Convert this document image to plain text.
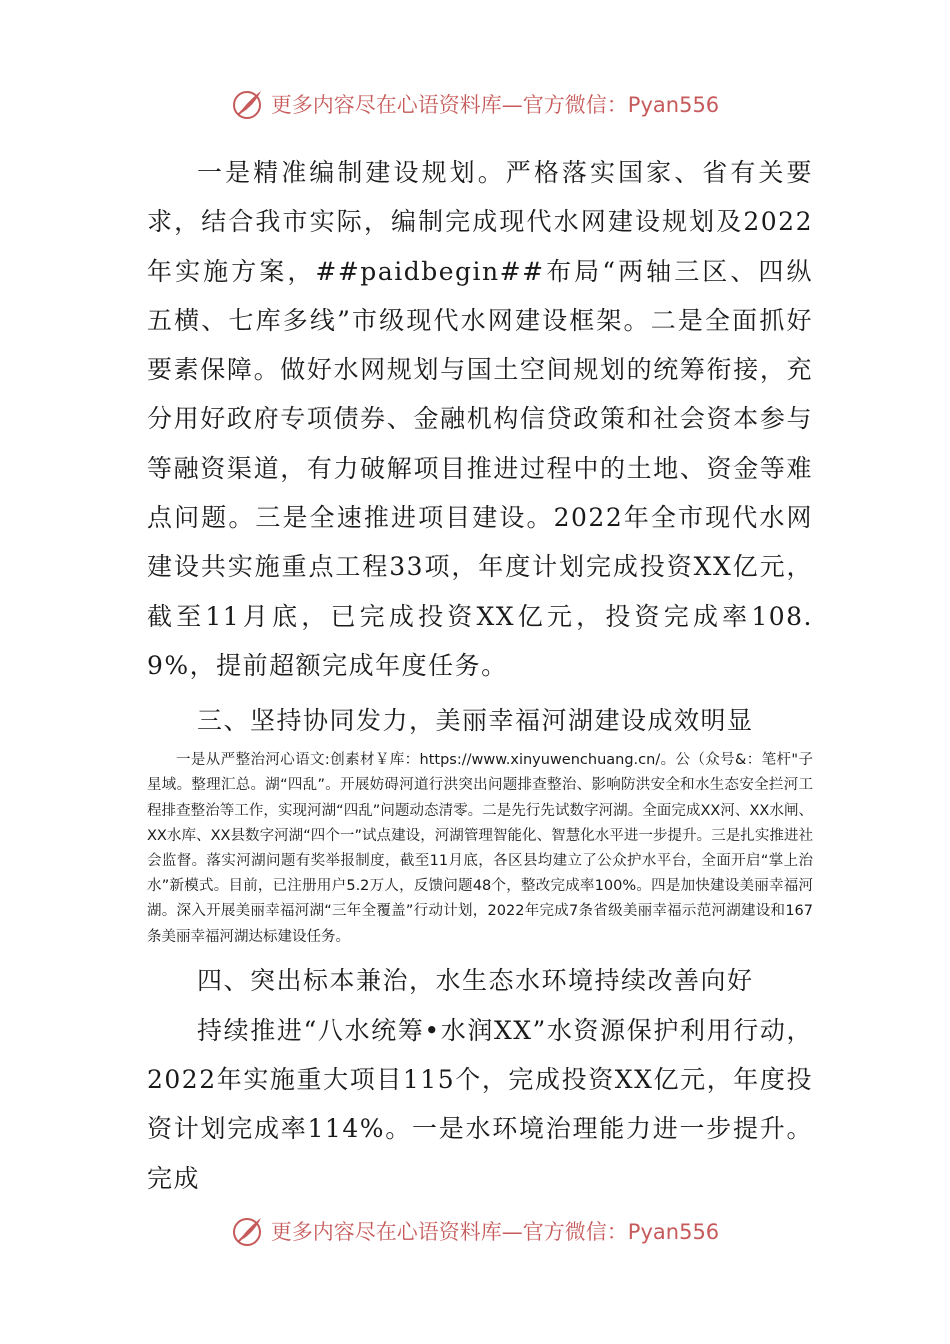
更多内容尽在心语资料库—官方微信：Pyan556

一是精准编制建设规划。严格落实国家、省有关要求，结合我市实际，编制完成现代水网建设规划及2022年实施方案，##paidbegin##布局“两轴三区、四纵五横、七库多线”市级现代水网建设框架。二是全面抓好要素保障。做好水网规划与国土空间规划的统筹衔接，充分用好政府专项债券、金融机构信贷政策和社会资本参与等融资渠道，有力破解项目推进过程中的土地、资金等难点问题。三是全速推进项目建设。2022年全市现代水网建设共实施重点工程33项，年度计划完成投资XX亿元，截至11月底，已完成投资XX亿元，投资完成率108.9%，提前超额完成年度任务。

三、坚持协同发力，美丽幸福河湖建设成效明显

一是从严整治河心语文:创素材￥库：https://www.xinyuwenchuang.cn/。公（众号&：笔杆"子星域。整理汇总。湖“四乱”。开展妨碍河道行洪突出问题排查整治、影响防洪安全和水生态安全拦河工程排查整治等工作，实现河湖“四乱”问题动态清零。二是先行先试数字河湖。全面完成XX河、XX水闸、XX水库、XX县数字河湖“四个一”试点建设，河湖管理智能化、智慧化水平进一步提升。三是扎实推进社会监督。落实河湖问题有奖举报制度，截至11月底，各区县均建立了公众护水平台，全面开启“掌上治水”新模式。目前，已注册用户5.2万人，反馈问题48个，整改完成率100%。四是加快建设美丽幸福河湖。深入开展美丽幸福河湖“三年全覆盖”行动计划，2022年完成7条省级美丽幸福示范河湖建设和167条美丽幸福河湖达标建设任务。

四、突出标本兼治，水生态水环境持续改善向好

持续推进“八水统筹•水润XX”水资源保护利用行动，2022年实施重大项目115个，完成投资XX亿元，年度投资计划完成率114%。一是水环境治理能力进一步提升。完成

更多内容尽在心语资料库—官方微信：Pyan556
